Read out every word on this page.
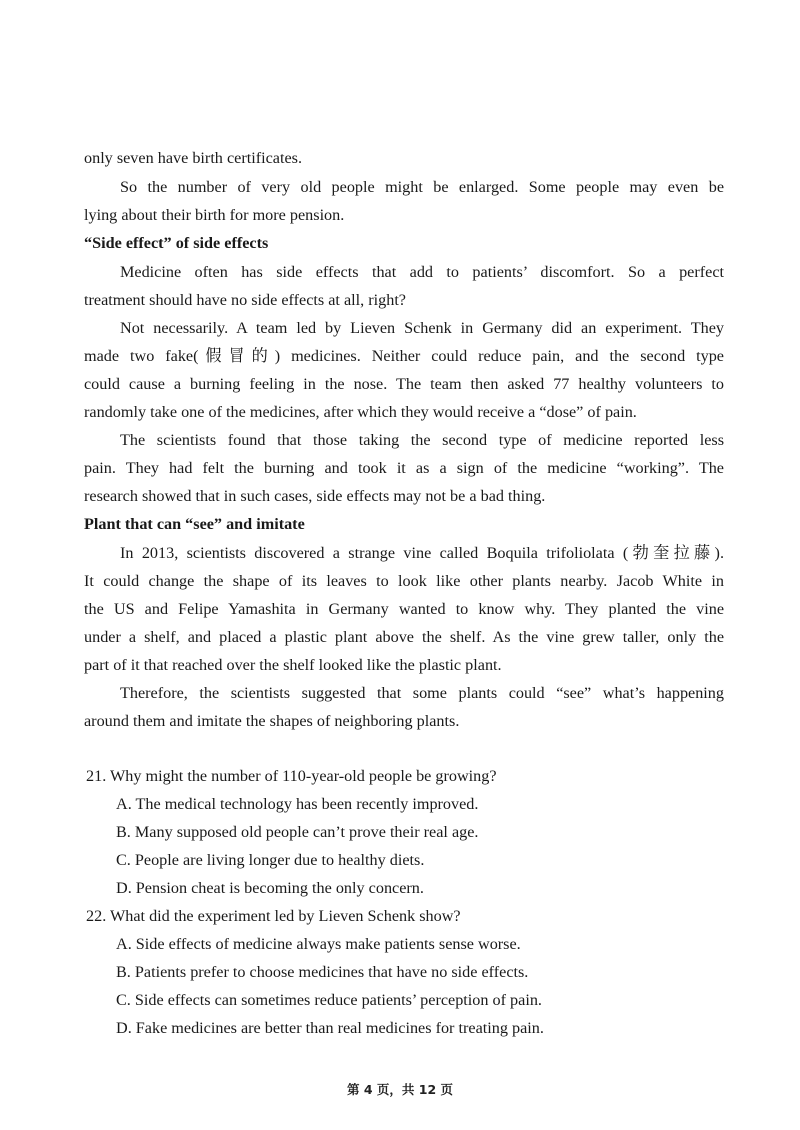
only seven have birth certificates.
So the number of very old people might be enlarged. Some people may even be
lying about their birth for more pension.
“Side effect” of side effects
Medicine often has side effects that add to patients’ discomfort. So a perfect
treatment should have no side effects at all, right?
Not necessarily. A team led by Lieven Schenk in Germany did an experiment. They
made two fake(假冒的) medicines. Neither could reduce pain, and the second type
could cause a burning feeling in the nose. The team then asked 77 healthy volunteers to
randomly take one of the medicines, after which they would receive a “dose” of pain.
The scientists found that those taking the second type of medicine reported less
pain. They had felt the burning and took it as a sign of the medicine “working”. The
research showed that in such cases, side effects may not be a bad thing.
Plant that can “see” and imitate
In 2013, scientists discovered a strange vine called Boquila trifoliolata (勃奎拉藤).
It could change the shape of its leaves to look like other plants nearby. Jacob White in
the US and Felipe Yamashita in Germany wanted to know why. They planted the vine
under a shelf, and placed a plastic plant above the shelf. As the vine grew taller, only the
part of it that reached over the shelf looked like the plastic plant.
Therefore, the scientists suggested that some plants could “see” what’s happening
around them and imitate the shapes of neighboring plants.
21. Why might the number of 110-year-old people be growing?
A. The medical technology has been recently improved.
B. Many supposed old people can’t prove their real age.
C. People are living longer due to healthy diets.
D. Pension cheat is becoming the only concern.
22. What did the experiment led by Lieven Schenk show?
A. Side effects of medicine always make patients sense worse.
B. Patients prefer to choose medicines that have no side effects.
C. Side effects can sometimes reduce patients’ perception of pain.
D. Fake medicines are better than real medicines for treating pain.
第 4 页，共 12 页
